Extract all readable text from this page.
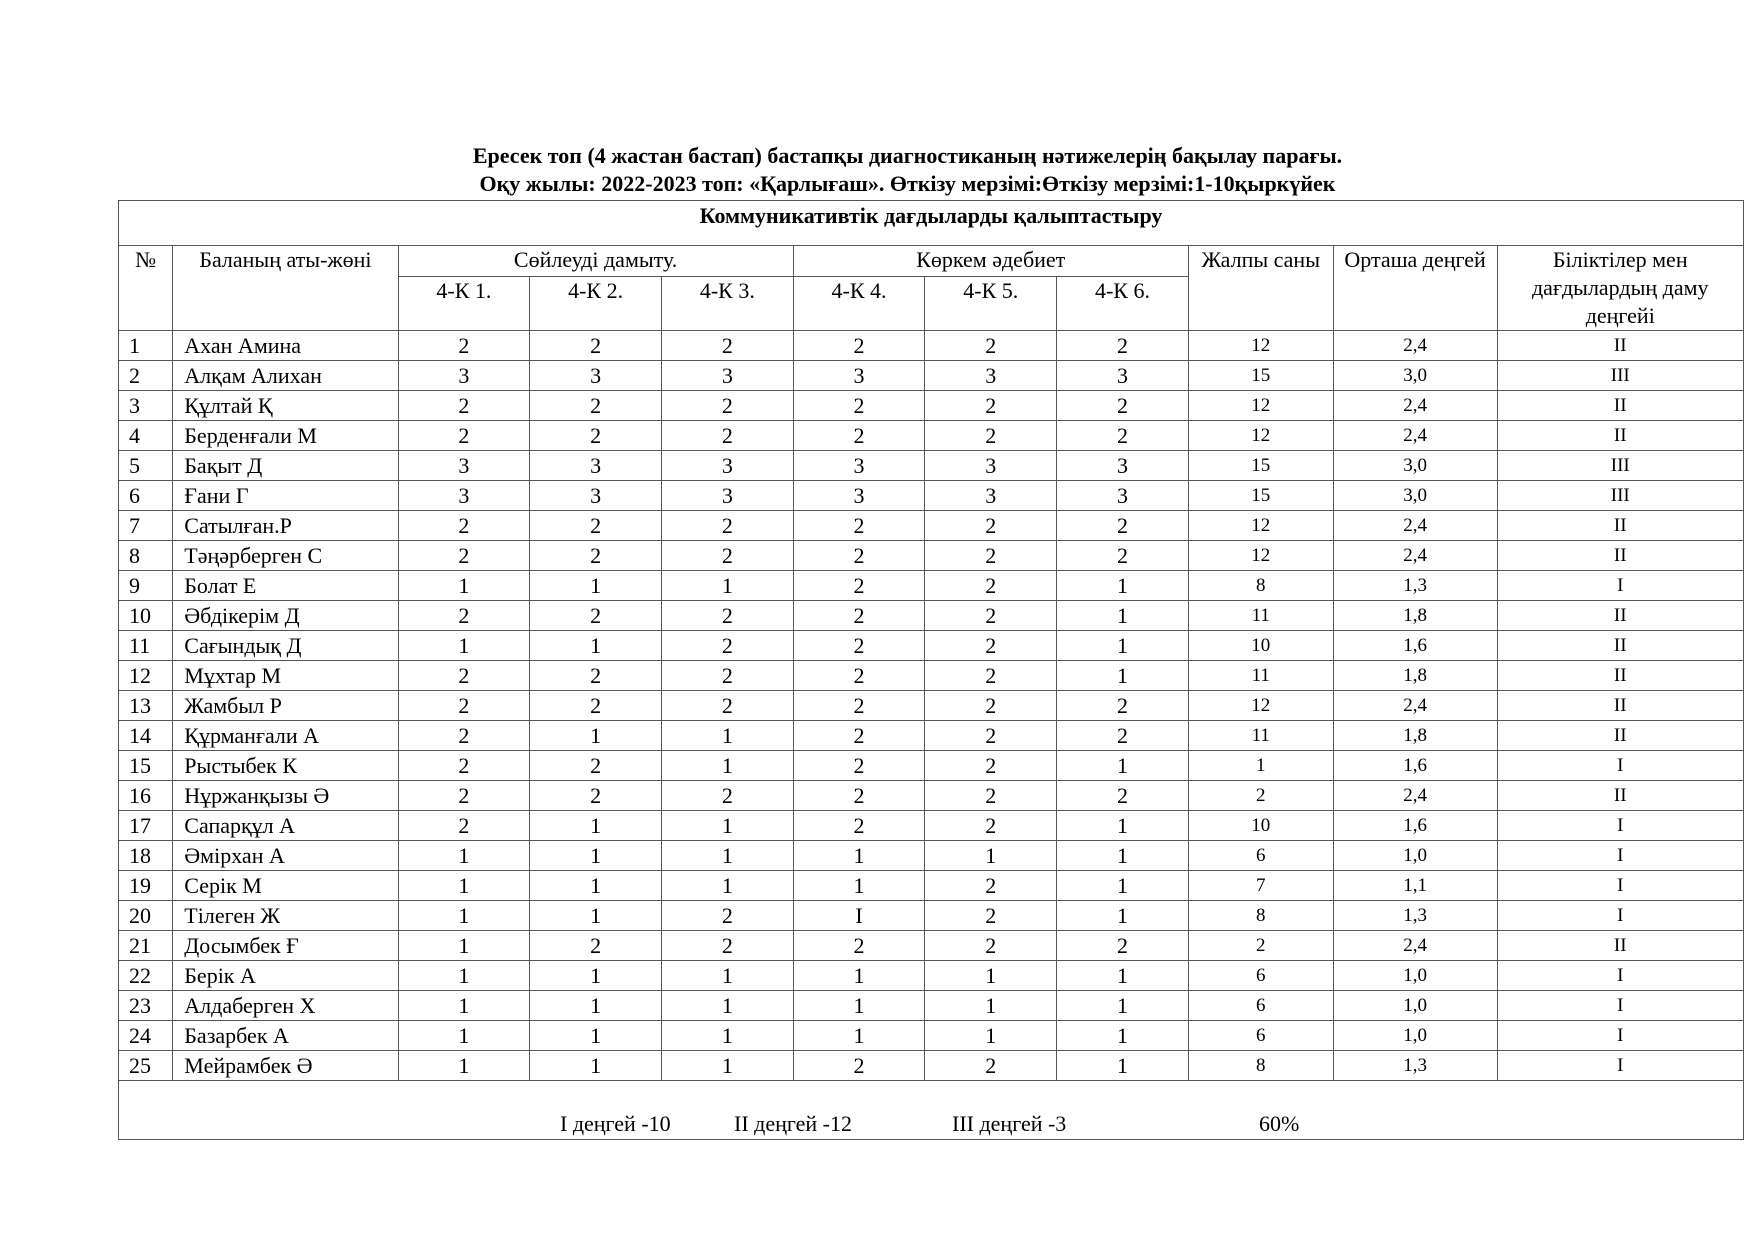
Ересек топ (4 жастан бастап) бастапқы диагностиканың нәтижелерің бақылау парағы.
Оқу жылы: 2022-2023 топ: «Қарлығаш». Өткізу мерзімі:Өткізу мерзімі:1-10қыркүйек
Коммуникативтік дағдыларды қалыптастыру										
№	Баланың аты-жөні	Сөйлеуді дамыту.			Көркем әдебиет			Жалпы саны	Орташа деңгей	Біліктілер мен дағдылардың даму деңгейі
		4-К 1.	4-К 2.	4-К 3.	4-К 4.	4-К 5.	4-К 6.			
1	Ахан Амина	2	2	2	2	2	2	12	2,4	II
2	Алқам Алихан	3	3	3	3	3	3	15	3,0	III
3	Құлтай Қ	2	2	2	2	2	2	12	2,4	II
4	Берденғали М	2	2	2	2	2	2	12	2,4	II
5	Бақыт Д	3	3	3	3	3	3	15	3,0	III
6	Ғани Г	3	3	3	3	3	3	15	3,0	III
7	Сатылған.Р	2	2	2	2	2	2	12	2,4	II
8	Тәңәрберген С	2	2	2	2	2	2	12	2,4	II
9	Болат Е	1	1	1	2	2	1	8	1,3	I
10	Әбдікерім Д	2	2	2	2	2	1	11	1,8	II
11	Сағындық Д	1	1	2	2	2	1	10	1,6	II
12	Мұхтар М	2	2	2	2	2	1	11	1,8	II
13	Жамбыл Р	2	2	2	2	2	2	12	2,4	II
14	Құрманғали А	2	1	1	2	2	2	11	1,8	II
15	Рыстыбек К	2	2	1	2	2	1	1	1,6	I
16	Нұржанқызы Ә	2	2	2	2	2	2	2	2,4	II
17	Сапарқұл А	2	1	1	2	2	1	10	1,6	I
18	Әмірхан А	1	1	1	1	1	1	6	1,0	I
19	Серік М	1	1	1	1	2	1	7	1,1	I
20	Тілеген Ж	1	1	2	I	2	1	8	1,3	I
21	Досымбек Ғ	1	2	2	2	2	2	2	2,4	II
22	Берік А	1	1	1	1	1	1	6	1,0	I
23	Алдаберген Х	1	1	1	1	1	1	6	1,0	I
24	Базарбек А	1	1	1	1	1	1	6	1,0	I
25	Мейрамбек Ә	1	1	1	2	2	1	8	1,3	I

I деңгей -10 II деңгей -12 III деңгей -3 60%										
